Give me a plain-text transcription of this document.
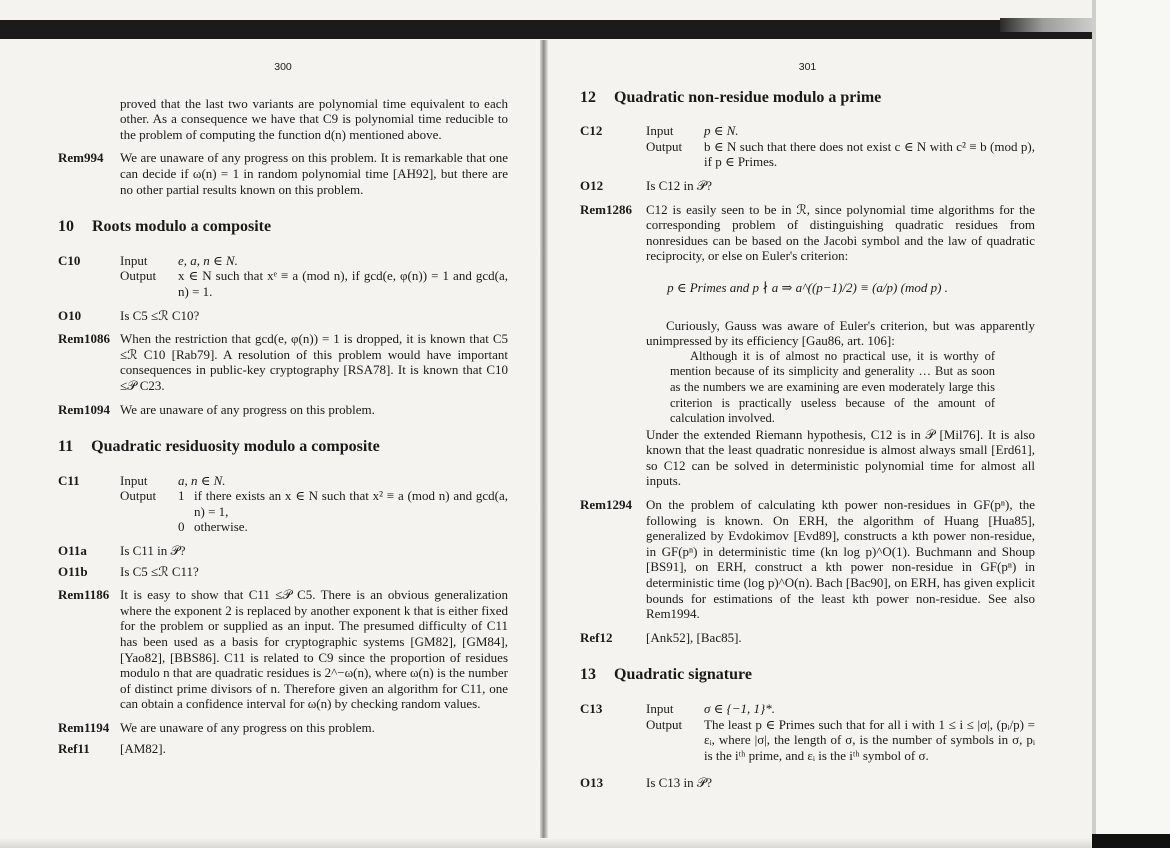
300
proved that the last two variants are polynomial time equivalent to each other. As a consequence we have that C9 is polynomial time reducible to the problem of computing the function d(n) mentioned above.
Rem994	We are unaware of any progress on this problem. It is remarkable that one can decide if ω(n) = 1 in random polynomial time [AH92], but there are no other partial results known on this problem.
10 Roots modulo a composite
C10	Input	e, a, n ∈ N.
Output	x ∈ N such that xᵉ ≡ a (mod n), if gcd(e, φ(n)) = 1 and gcd(a, n) = 1.
O10	Is C5 ≤ℛ C10?
Rem1086 When the restriction that gcd(e, φ(n)) = 1 is dropped, it is known that C5 ≤ℛ C10 [Rab79]. A resolution of this problem would have important consequences in public-key cryptography [RSA78]. It is known that C10 ≤𝒫 C23.
Rem1094 We are unaware of any progress on this problem.
11 Quadratic residuosity modulo a composite
C11	Input	a, n ∈ N.
Output	1 if there exists an x ∈ N such that x² ≡ a (mod n) and gcd(a, n) = 1,
0 otherwise.
O11a	Is C11 in 𝒫?
O11b	Is C5 ≤ℛ C11?
Rem1186 It is easy to show that C11 ≤𝒫 C5. There is an obvious generalization where the exponent 2 is replaced by another exponent k that is either fixed for the problem or supplied as an input. The presumed difficulty of C11 has been used as a basis for cryptographic systems [GM82], [GM84], [Yao82], [BBS86]. C11 is related to C9 since the proportion of residues modulo n that are quadratic residues is 2^−ω(n), where ω(n) is the number of distinct prime divisors of n. Therefore given an algorithm for C11, one can obtain a confidence interval for ω(n) by checking random values.
Rem1194 We are unaware of any progress on this problem.
Ref11	[AM82].
301
12 Quadratic non-residue modulo a prime
C12	Input	p ∈ N.
Output	b ∈ N such that there does not exist c ∈ N with c² ≡ b (mod p), if p ∈ Primes.
O12	Is C12 in 𝒫?
Rem1286	C12 is easily seen to be in ℛ, since polynomial time algorithms for the corresponding problem of distinguishing quadratic residues from nonresidues can be based on the Jacobi symbol and the law of quadratic reciprocity, or else on Euler's criterion:
p ∈ Primes and p ∤ a ⇒ a^((p−1)/2) ≡ (a/p) (mod p) .
Curiously, Gauss was aware of Euler's criterion, but was apparently unimpressed by its efficiency [Gau86, art. 106]:
Although it is of almost no practical use, it is worthy of mention because of its simplicity and generality … But as soon as the numbers we are examining are even moderately large this criterion is practically useless because of the amount of calculation involved.
Under the extended Riemann hypothesis, C12 is in 𝒫 [Mil76]. It is also known that the least quadratic nonresidue is almost always small [Erd61], so C12 can be solved in deterministic polynomial time for almost all inputs.
Rem1294	On the problem of calculating kth power non-residues in GF(pⁿ), the following is known. On ERH, the algorithm of Huang [Hua85], generalized by Evdokimov [Evd89], constructs a kth power non-residue, in GF(pⁿ) in deterministic time (kn log p)^O(1). Buchmann and Shoup [BS91], on ERH, construct a kth power non-residue in GF(pⁿ) in deterministic time (log p)^O(n). Bach [Bac90], on ERH, has given explicit bounds for estimations of the least kth power non-residue. See also Rem1994.
Ref12	[Ank52], [Bac85].
13 Quadratic signature
C13	Input	σ ∈ {−1, 1}*.
Output	The least p ∈ Primes such that for all i with 1 ≤ i ≤ |σ|, (pᵢ/p) = εᵢ, where |σ|, the length of σ, is the number of symbols in σ, pᵢ is the iᵗʰ prime, and εᵢ is the iᵗʰ symbol of σ.
O13	Is C13 in 𝒫?
